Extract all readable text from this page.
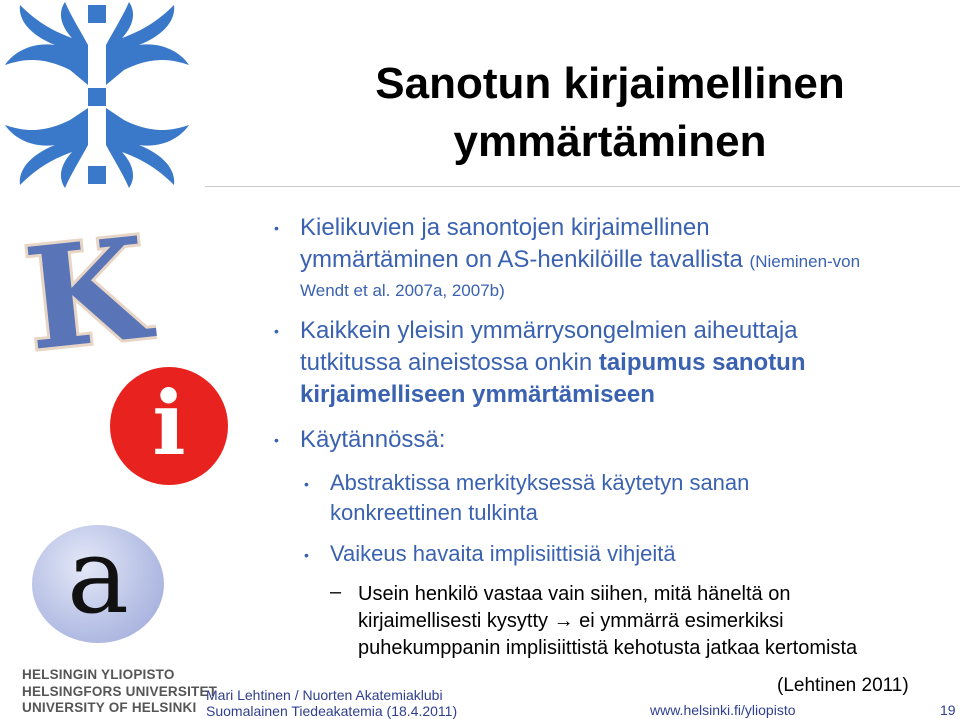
K
i
a
HELSINGIN YLIOPISTO
HELSINGFORS UNIVERSITET
UNIVERSITY OF HELSINKI
Sanotun kirjaimellinen
ymmärtäminen
• Kielikuvien ja sanontojen kirjaimellinen
ymmärtäminen on AS-henkilöille tavallista (Nieminen-von
Wendt et al. 2007a, 2007b)
• Kaikkein yleisin ymmärrysongelmien aiheuttaja
tutkitussa aineistossa onkin taipumus sanotun
kirjaimelliseen ymmärtämiseen
• Käytännössä:
• Abstraktissa merkityksessä käytetyn sanan
konkreettinen tulkinta
• Vaikeus havaita implisiittisiä vihjeitä
– Usein henkilö vastaa vain siihen, mitä häneltä on
kirjaimellisesti kysytty → ei ymmärrä esimerkiksi
puhekumppanin implisiittistä kehotusta jatkaa kertomista
(Lehtinen 2011)
Mari Lehtinen / Nuorten Akatemiaklubi
Suomalainen Tiedeakatemia (18.4.2011)	www.helsinki.fi/yliopisto	19
